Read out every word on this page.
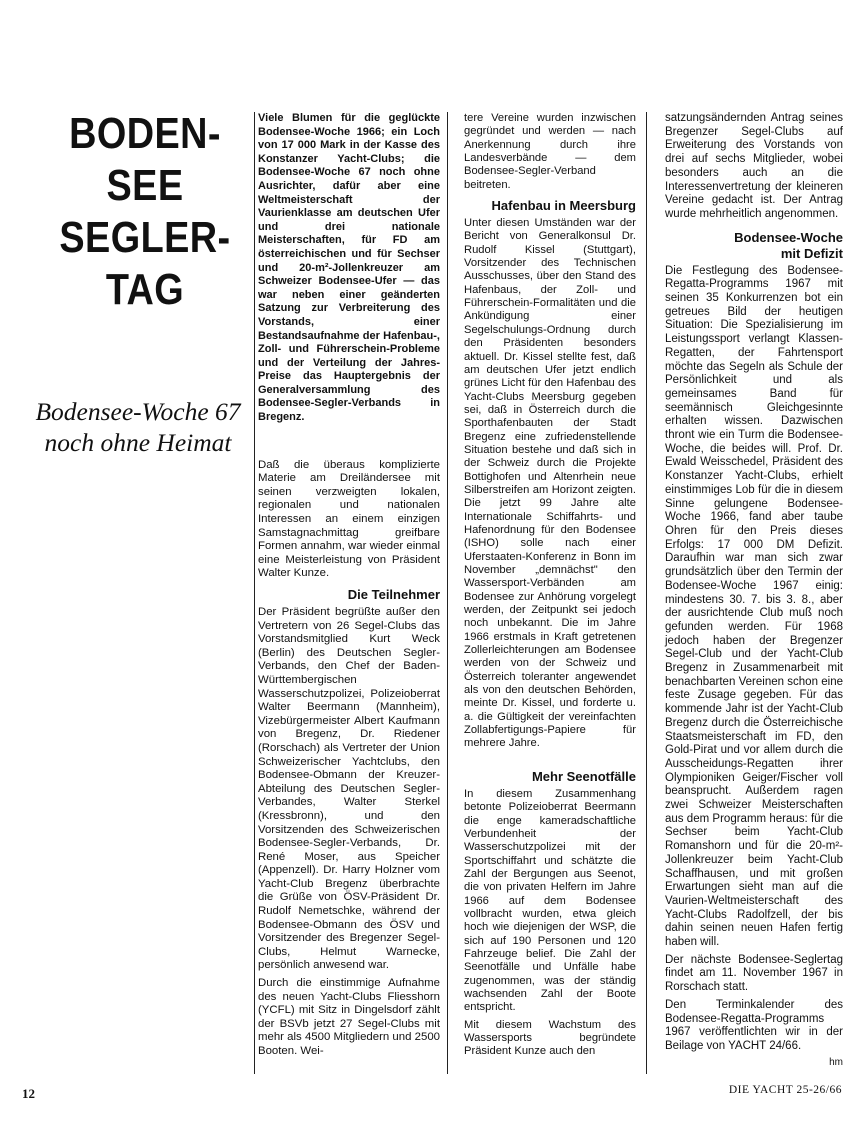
BODEN-
SEE
SEGLER-
TAG
Bodensee-Woche 67
noch ohne Heimat

Viele Blumen für die geglückte Bodensee-Woche 1966; ein Loch von 17 000 Mark in der Kasse des Konstanzer Yacht-Clubs; die Bodensee-Woche 67 noch ohne Ausrichter, dafür aber eine Weltmeisterschaft der Vaurienklasse am deutschen Ufer und drei nationale Meisterschaften, für FD am österreichischen und für Sechser und 20-m²-Jollenkreuzer am Schweizer Bodensee-Ufer — das war neben einer geänderten Satzung zur Verbreiterung des Vorstands, einer Bestandsaufnahme der Hafenbau-, Zoll- und Führerschein-Probleme und der Verteilung der Jahres-Preise das Hauptergebnis der Generalversammlung des Bodensee-Segler-Verbands in Bregenz.

Daß die überaus komplizierte Materie am Dreiländersee mit seinen verzweigten lokalen, regionalen und nationalen Interessen an einem einzigen Samstagnachmittag greifbare Formen annahm, war wieder einmal eine Meisterleistung von Präsident Walter Kunze.

Die Teilnehmer

Der Präsident begrüßte außer den Vertretern von 26 Segel-Clubs das Vorstandsmitglied Kurt Weck (Berlin) des Deutschen Segler-Verbands, den Chef der Baden-Württembergischen Wasserschutzpolizei, Polizeioberrat Walter Beermann (Mannheim), Vizebürgermeister Albert Kaufmann von Bregenz, Dr. Riedener (Rorschach) als Vertreter der Union Schweizerischer Yachtclubs, den Bodensee-Obmann der Kreuzer-Abteilung des Deutschen Segler-Verbandes, Walter Sterkel (Kressbronn), und den Vorsitzenden des Schweizerischen Bodensee-Segler-Verbands, Dr. René Moser, aus Speicher (Appenzell). Dr. Harry Holzner vom Yacht-Club Bregenz überbrachte die Grüße von ÖSV-Präsident Dr. Rudolf Nemetschke, während der Bodensee-Obmann des ÖSV und Vorsitzender des Bregenzer Segel-Clubs, Helmut Warnecke, persönlich anwesend war.

Durch die einstimmige Aufnahme des neuen Yacht-Clubs Fliesshorn (YCFL) mit Sitz in Dingelsdorf zählt der BSVb jetzt 27 Segel-Clubs mit mehr als 4500 Mitgliedern und 2500 Booten. Wei-

tere Vereine wurden inzwischen gegründet und werden — nach Anerkennung durch ihre Landesverbände — dem Bodensee-Segler-Verband beitreten.

Hafenbau in Meersburg

Unter diesen Umständen war der Bericht von Generalkonsul Dr. Rudolf Kissel (Stuttgart), Vorsitzender des Technischen Ausschusses, über den Stand des Hafenbaus, der Zoll- und Führerschein-Formalitäten und die Ankündigung einer Segelschulungs-Ordnung durch den Präsidenten besonders aktuell. Dr. Kissel stellte fest, daß am deutschen Ufer jetzt endlich grünes Licht für den Hafenbau des Yacht-Clubs Meersburg gegeben sei, daß in Österreich durch die Sporthafenbauten der Stadt Bregenz eine zufriedenstellende Situation bestehe und daß sich in der Schweiz durch die Projekte Bottighofen und Altenrhein neue Silberstreifen am Horizont zeigten. Die jetzt 99 Jahre alte Internationale Schiffahrts- und Hafenordnung für den Bodensee (ISHO) solle nach einer Uferstaaten-Konferenz in Bonn im November „demnächst" den Wassersport-Verbänden am Bodensee zur Anhörung vorgelegt werden, der Zeitpunkt sei jedoch noch unbekannt. Die im Jahre 1966 erstmals in Kraft getretenen Zollerleichterungen am Bodensee werden von der Schweiz und Österreich toleranter angewendet als von den deutschen Behörden, meinte Dr. Kissel, und forderte u. a. die Gültigkeit der vereinfachten Zollabfertigungs-Papiere für mehrere Jahre.

Mehr Seenotfälle

In diesem Zusammenhang betonte Polizeioberrat Beermann die enge kameradschaftliche Verbundenheit der Wasserschutzpolizei mit der Sportschiffahrt und schätzte die Zahl der Bergungen aus Seenot, die von privaten Helfern im Jahre 1966 auf dem Bodensee vollbracht wurden, etwa gleich hoch wie diejenigen der WSP, die sich auf 190 Personen und 120 Fahrzeuge belief. Die Zahl der Seenotfälle und Unfälle habe zugenommen, was der ständig wachsenden Zahl der Boote entspricht.

Mit diesem Wachstum des Wassersports begründete Präsident Kunze auch den

satzungsändernden Antrag seines Bregenzer Segel-Clubs auf Erweiterung des Vorstands von drei auf sechs Mitglieder, wobei besonders auch an die Interessenvertretung der kleineren Vereine gedacht ist. Der Antrag wurde mehrheitlich angenommen.

Bodensee-Woche
mit Defizit

Die Festlegung des Bodensee-Regatta-Programms 1967 mit seinen 35 Konkurrenzen bot ein getreues Bild der heutigen Situation: Die Spezialisierung im Leistungssport verlangt Klassen-Regatten, der Fahrtensport möchte das Segeln als Schule der Persönlichkeit und als gemeinsames Band für seemännisch Gleichgesinnte erhalten wissen. Dazwischen thront wie ein Turm die Bodensee-Woche, die beides will. Prof. Dr. Ewald Weisschedel, Präsident des Konstanzer Yacht-Clubs, erhielt einstimmiges Lob für die in diesem Sinne gelungene Bodensee-Woche 1966, fand aber taube Ohren für den Preis dieses Erfolgs: 17 000 DM Defizit. Daraufhin war man sich zwar grundsätzlich über den Termin der Bodensee-Woche 1967 einig: mindestens 30. 7. bis 3. 8., aber der ausrichtende Club muß noch gefunden werden. Für 1968 jedoch haben der Bregenzer Segel-Club und der Yacht-Club Bregenz in Zusammenarbeit mit benachbarten Vereinen schon eine feste Zusage gegeben. Für das kommende Jahr ist der Yacht-Club Bregenz durch die Österreichische Staatsmeisterschaft im FD, den Gold-Pirat und vor allem durch die Ausscheidungs-Regatten ihrer Olympioniken Geiger/Fischer voll beansprucht. Außerdem ragen zwei Schweizer Meisterschaften aus dem Programm heraus: für die Sechser beim Yacht-Club Romanshorn und für die 20-m²-Jollenkreuzer beim Yacht-Club Schaffhausen, und mit großen Erwartungen sieht man auf die Vaurien-Weltmeisterschaft des Yacht-Clubs Radolfzell, der bis dahin seinen neuen Hafen fertig haben will.

Der nächste Bodensee-Seglertag findet am 11. November 1967 in Rorschach statt.

Den Terminkalender des Bodensee-Regatta-Programms 1967 veröffentlichten wir in der Beilage von YACHT 24/66.

hm
12	DIE YACHT 25-26/66
